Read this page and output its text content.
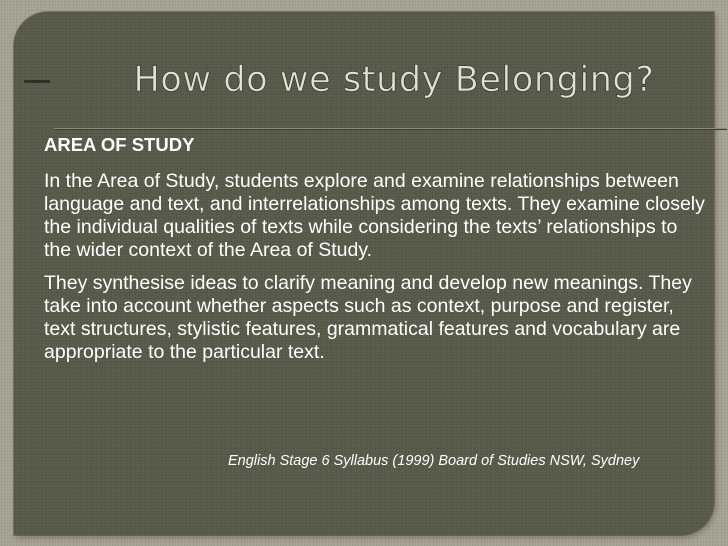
How do we study Belonging?
AREA OF STUDY

In the Area of Study, students explore and examine relationships between language and text, and interrelationships among texts. They examine closely the individual qualities of texts while considering the texts’ relationships to the wider context of the Area of Study.

They synthesise ideas to clarify meaning and develop new meanings. They take into account whether aspects such as context, purpose and register, text structures, stylistic features, grammatical features and vocabulary are appropriate to the particular text.

English Stage 6 Syllabus (1999) Board of Studies NSW, Sydney
